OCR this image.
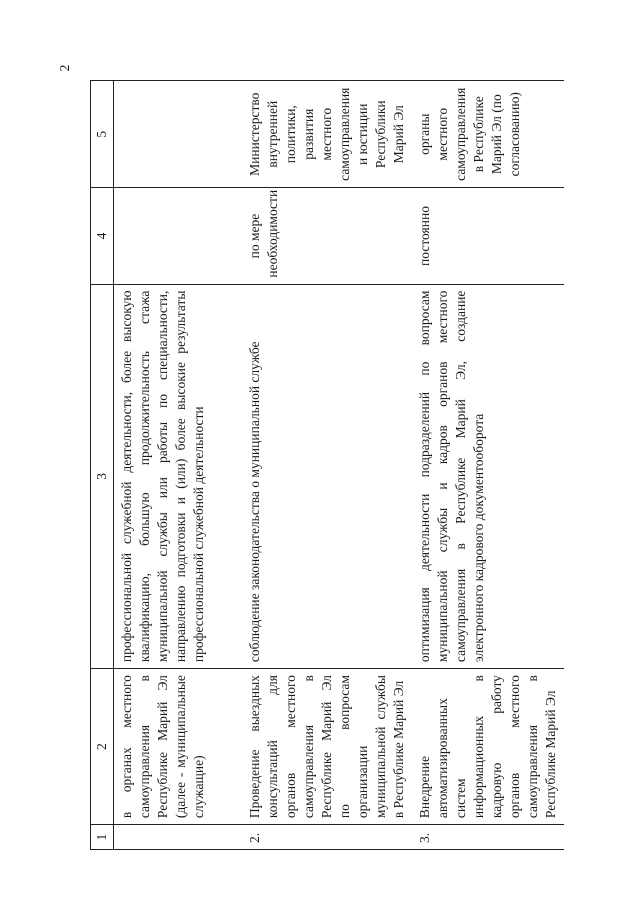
2
1	2	3	4	5
	в органах местного самоуправления в Республике Марий Эл (далее - муниципальные служащие)	профессиональной служебной деятельности, более высокую квалификацию, большую продолжительность стажа муниципальной службы или работы по специальности, направлению подготовки и (или) более высокие результаты профессиональной служебной деятельности		
2.	Проведение выездных консультаций для органов местного самоуправления в Республике Марий Эл по вопросам организации муниципальной службы в Республике Марий Эл	соблюдение законодательства о муниципальной службе	по мере необходимости	Министерство внутренней политики, развития местного самоуправления и юстиции Республики Марий Эл
3.	Внедрение автоматизированных систем информационных в кадровую работу органов местного самоуправления в Республике Марий Эл	оптимизация деятельности подразделений по вопросам муниципальной службы и кадров органов местного самоуправления в Республике Марий Эл, создание электронного кадрового документооборота	постоянно	органы местного самоуправления в Республике Марий Эл (по согласованию)
